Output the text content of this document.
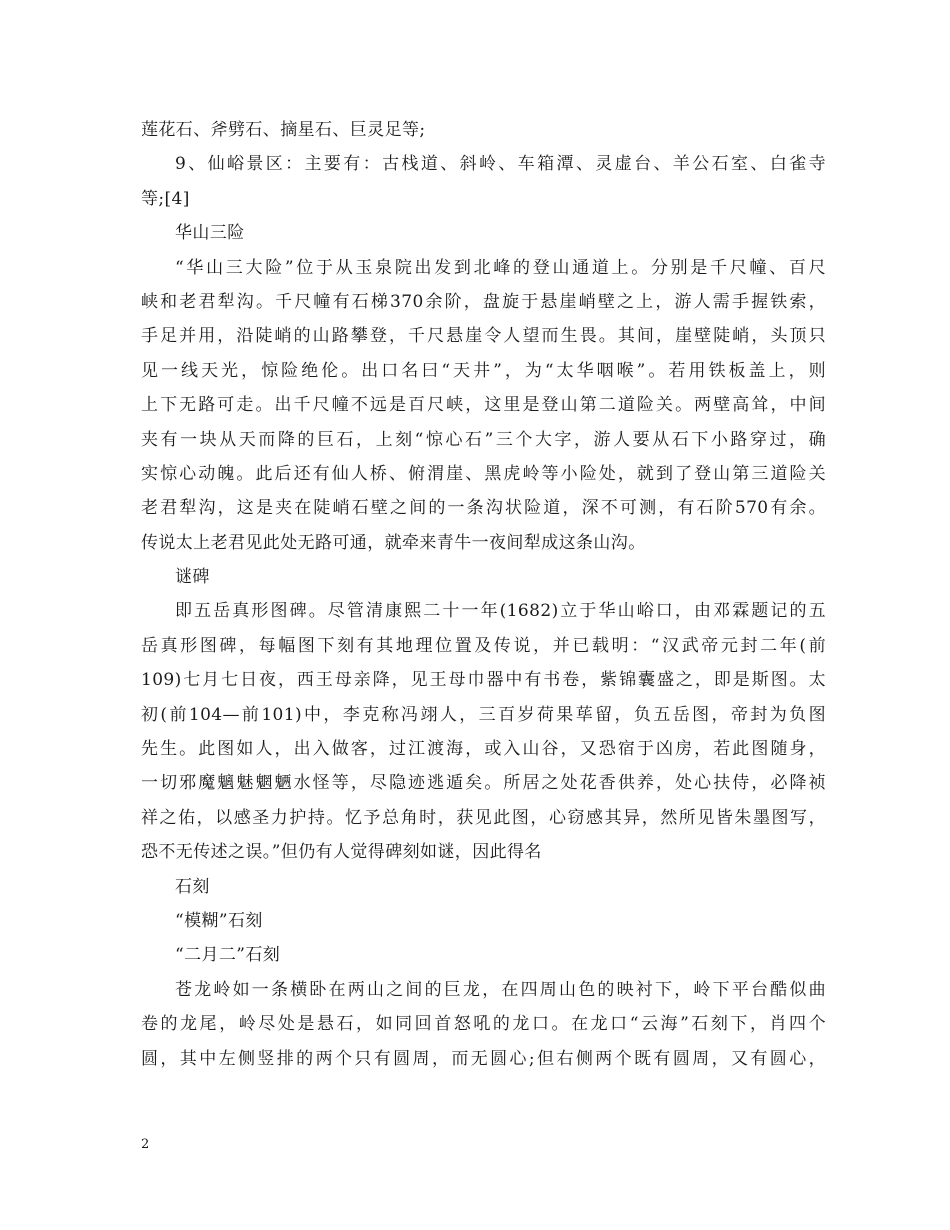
莲花石、斧劈石、摘星石、巨灵足等;
9、仙峪景区：主要有：古栈道、斜岭、车箱潭、灵虚台、羊公石室、白雀寺
等;[4]
华山三险
“华山三大险”位于从玉泉院出发到北峰的登山通道上。分别是千尺幢、百尺
峡和老君犁沟。千尺幢有石梯370余阶，盘旋于悬崖峭壁之上，游人需手握铁索，
手足并用，沿陡峭的山路攀登，千尺悬崖令人望而生畏。其间，崖壁陡峭，头顶只
见一线天光，惊险绝伦。出口名曰“天井”，为“太华咽喉”。若用铁板盖上，则
上下无路可走。出千尺幢不远是百尺峡，这里是登山第二道险关。两壁高耸，中间
夹有一块从天而降的巨石，上刻“惊心石”三个大字，游人要从石下小路穿过，确
实惊心动魄。此后还有仙人桥、俯渭崖、黑虎岭等小险处，就到了登山第三道险关
老君犁沟，这是夹在陡峭石壁之间的一条沟状险道，深不可测，有石阶570有余。
传说太上老君见此处无路可通，就牵来青牛一夜间犁成这条山沟。
谜碑
即五岳真形图碑。尽管清康熙二十一年(1682)立于华山峪口，由邓霖题记的五
岳真形图碑，每幅图下刻有其地理位置及传说，并已载明：“汉武帝元封二年(前
109)七月七日夜，西王母亲降，见王母巾器中有书卷，紫锦囊盛之，即是斯图。太
初(前104—前101)中，李克称冯翊人，三百岁荷果荜留，负五岳图，帝封为负图
先生。此图如人，出入做客，过江渡海，或入山谷，又恐宿于凶房，若此图随身，
一切邪魔魑魅魍魉水怪等，尽隐迹逃遁矣。所居之处花香供养，处心扶侍，必降祯
祥之佑，以感圣力护持。忆予总角时，获见此图，心窃感其异，然所见皆朱墨图写，
恐不无传述之误。”但仍有人觉得碑刻如谜，因此得名
石刻
“模糊”石刻
“二月二”石刻
苍龙岭如一条横卧在两山之间的巨龙，在四周山色的映衬下，岭下平台酷似曲
卷的龙尾，岭尽处是悬石，如同回首怒吼的龙口。在龙口“云海”石刻下，肖四个
圆，其中左侧竖排的两个只有圆周，而无圆心;但右侧两个既有圆周，又有圆心，
2
